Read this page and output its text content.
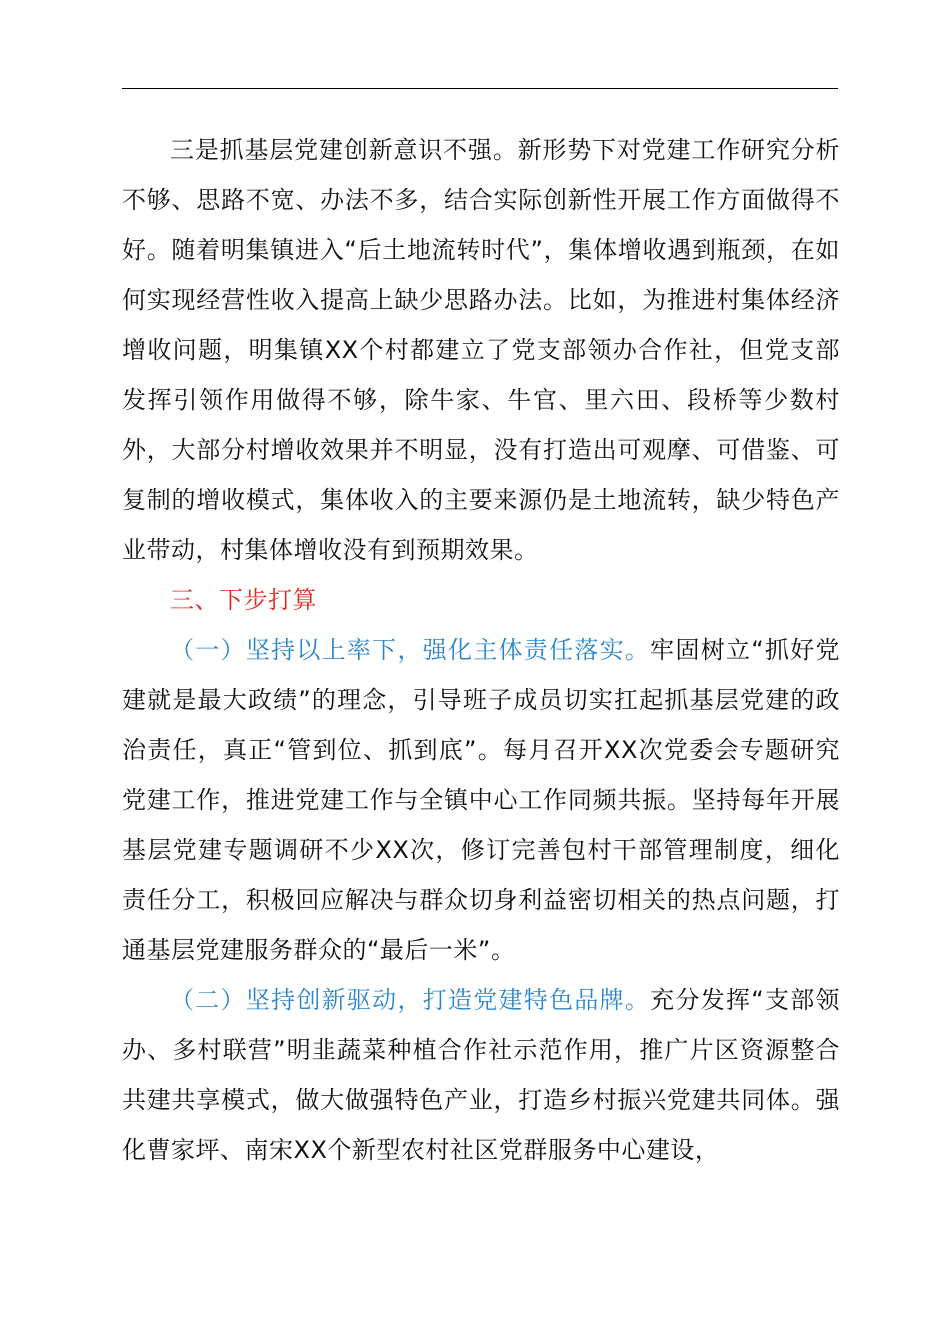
三是抓基层党建创新意识不强。新形势下对党建工作研究分析不够、思路不宽、办法不多，结合实际创新性开展工作方面做得不好。随着明集镇进入“后土地流转时代”，集体增收遇到瓶颈，在如何实现经营性收入提高上缺少思路办法。比如，为推进村集体经济增收问题，明集镇XX个村都建立了党支部领办合作社，但党支部发挥引领作用做得不够，除牛家、牛官、里六田、段桥等少数村外，大部分村增收效果并不明显，没有打造出可观摩、可借鉴、可复制的增收模式，集体收入的主要来源仍是土地流转，缺少特色产业带动，村集体增收没有到预期效果。

三、下步打算

（一）坚持以上率下，强化主体责任落实。牢固树立“抓好党建就是最大政绩”的理念，引导班子成员切实扛起抓基层党建的政治责任，真正“管到位、抓到底”。每月召开XX次党委会专题研究党建工作，推进党建工作与全镇中心工作同频共振。坚持每年开展基层党建专题调研不少XX次，修订完善包村干部管理制度，细化责任分工，积极回应解决与群众切身利益密切相关的热点问题，打通基层党建服务群众的“最后一米”。

（二）坚持创新驱动，打造党建特色品牌。充分发挥“支部领办、多村联营”明韭蔬菜种植合作社示范作用，推广片区资源整合共建共享模式，做大做强特色产业，打造乡村振兴党建共同体。强化曹家坪、南宋XX个新型农村社区党群服务中心建设，
